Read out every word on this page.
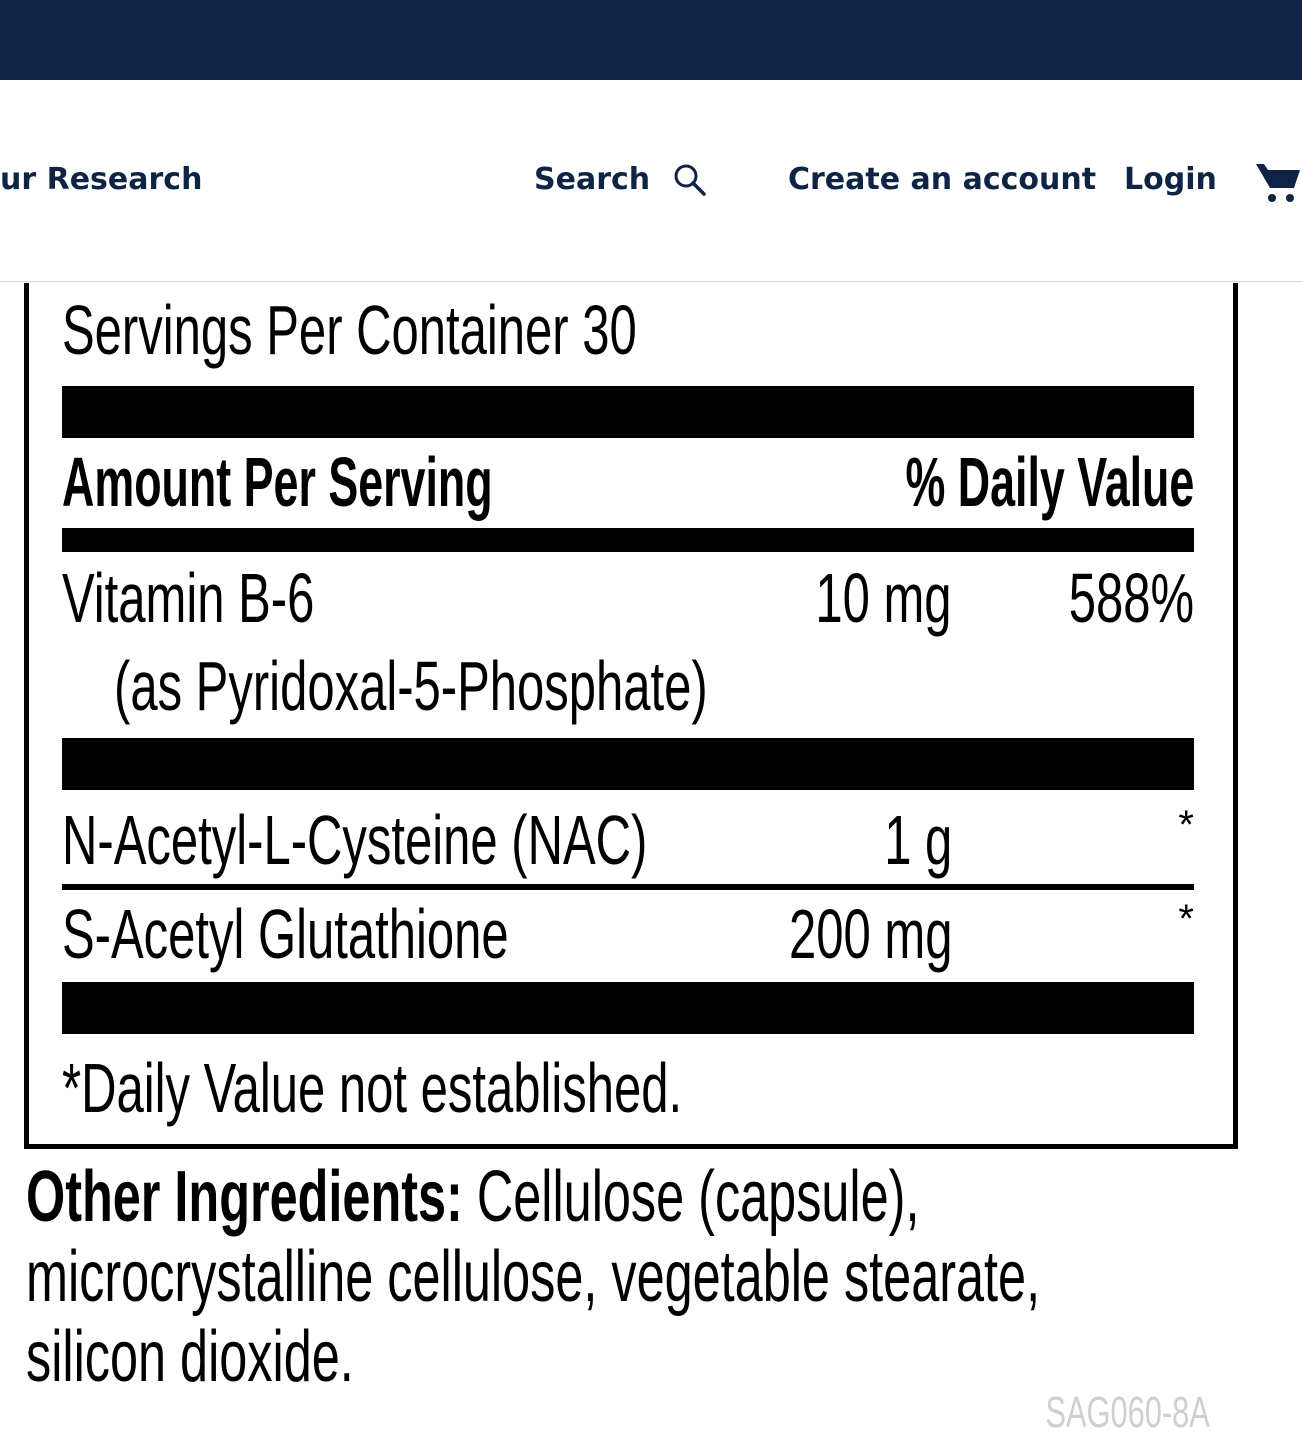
ur Research	Search	Create an account Login
Servings Per Container 30
Amount Per Serving	% Daily Value
Vitamin B-6	10 mg 588%
(as Pyridoxal-5-Phosphate)
N-Acetyl-L-Cysteine (NAC)	1 g	*
S-Acetyl Glutathione	200 mg	*
*Daily Value not established.
Other Ingredients: Cellulose (capsule),
microcrystalline cellulose, vegetable stearate,
silicon dioxide.
SAG060-8A
